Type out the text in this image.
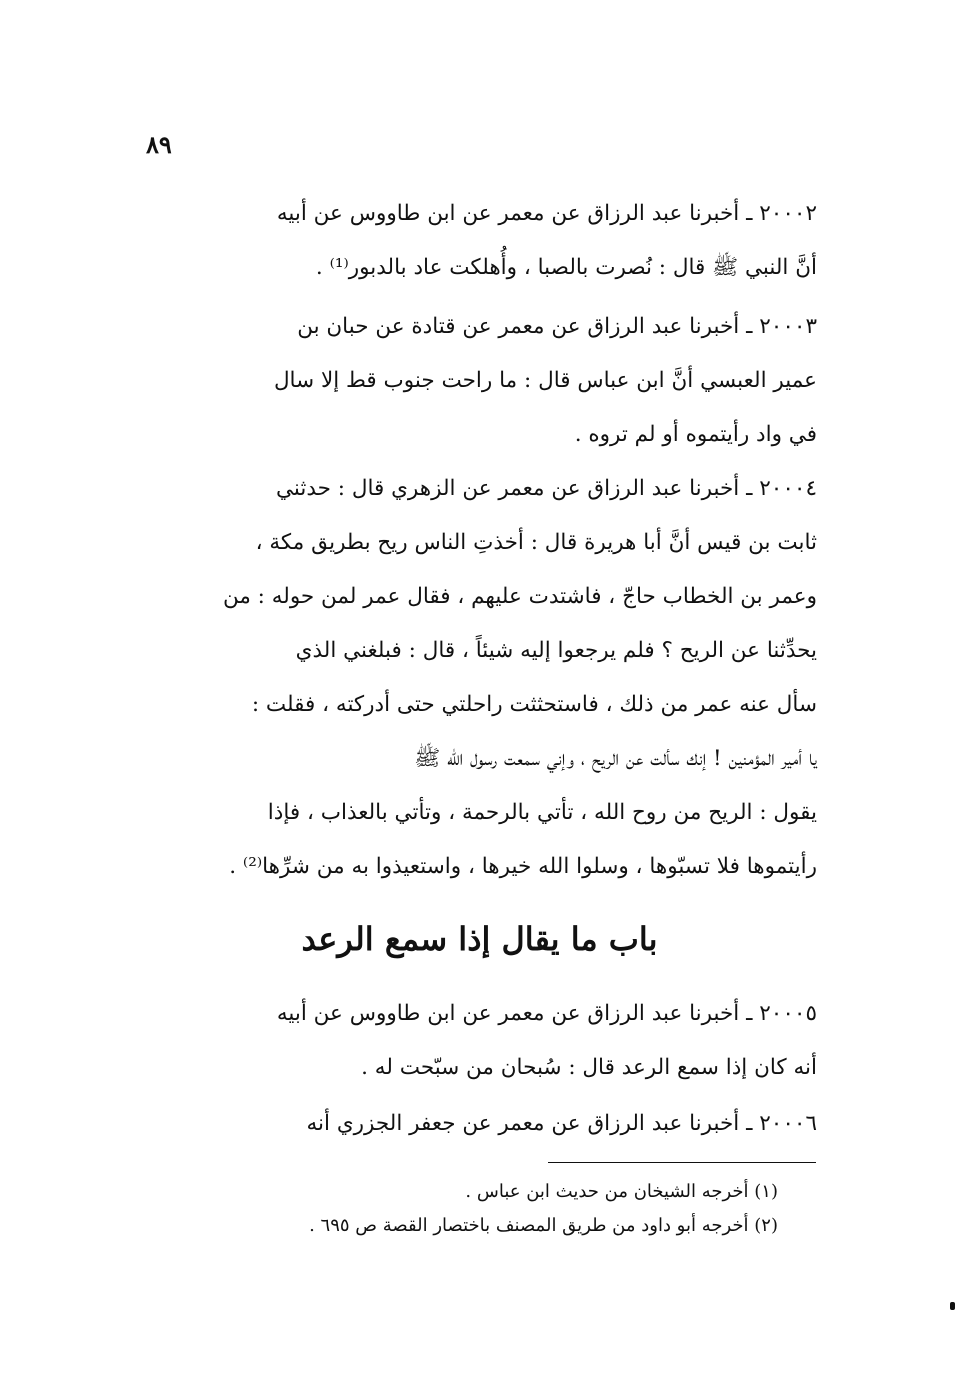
٨٩
٢٠٠٠٢ ـ أخبرنا عبد الرزاق عن معمر عن ابن طاووس عن أبيه
أنَّ النبي ﷺ قال : نُصرت بالصبا ، وأُهلكت عاد بالدبور⁽¹⁾ .
٢٠٠٠٣ ـ أخبرنا عبد الرزاق عن معمر عن قتادة عن حبان بن
عمير العبسي أنَّ ابن عباس قال : ما راحت جنوب قط إلا سال
في واد رأيتموه أو لم تروه .
٢٠٠٠٤ ـ أخبرنا عبد الرزاق عن معمر عن الزهري قال : حدثني
ثابت بن قيس أنَّ أبا هريرة قال : أخذتِ الناس ريح بطريق مكة ،
وعمر بن الخطاب حاجّ ، فاشتدت عليهم ، فقال عمر لمن حوله : من
يحدِّثنا عن الريح ؟ فلم يرجعوا إليه شيئاً ، قال : فبلغني الذي
سأل عنه عمر من ذلك ، فاستحثثت راحلتي حتى أدركته ، فقلت :
يا أمير المؤمنين ! إنك سألت عن الريح ، وإني سمعت رسول الله ﷺ
يقول : الريح من روح الله ، تأتي بالرحمة ، وتأتي بالعذاب ، فإذا
رأيتموها فلا تسبّوها ، وسلوا الله خيرها ، واستعيذوا به من شرِّها⁽²⁾ .
باب ما يقال إذا سمع الرعد
٢٠٠٠٥ ـ أخبرنا عبد الرزاق عن معمر عن ابن طاووس عن أبيه
أنه كان إذا سمع الرعد قال : سُبحان من سبّحت له .
٢٠٠٠٦ ـ أخبرنا عبد الرزاق عن معمر عن جعفر الجزري أنه
(١) أخرجه الشيخان من حديث ابن عباس .
(٢) أخرجه أبو داود من طريق المصنف باختصار القصة ص ٦٩٥ .
